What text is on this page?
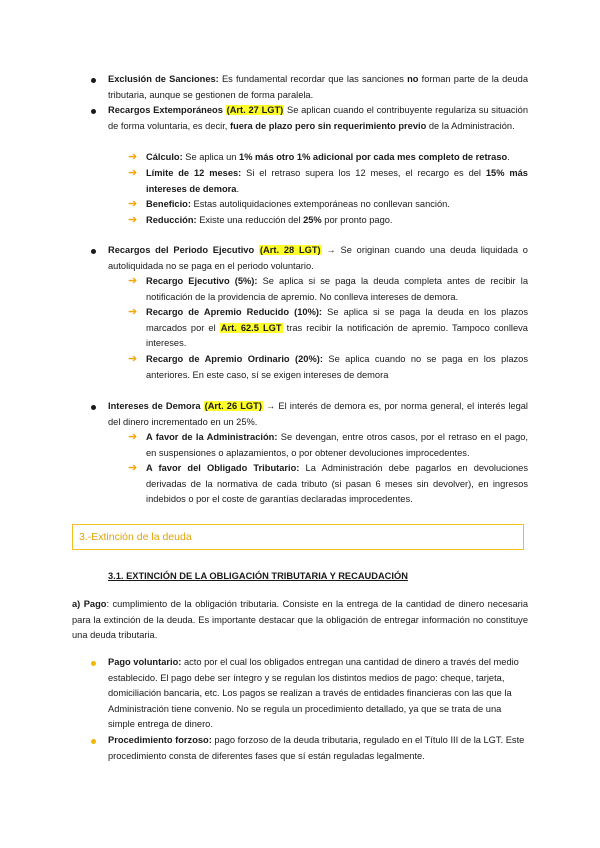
Exclusión de Sanciones: Es fundamental recordar que las sanciones no forman parte de la deuda tributaria, aunque se gestionen de forma paralela.
Recargos Extemporáneos (Art. 27 LGT) Se aplican cuando el contribuyente regulariza su situación de forma voluntaria, es decir, fuera de plazo pero sin requerimiento previo de la Administración.
➔ Cálculo: Se aplica un 1% más otro 1% adicional por cada mes completo de retraso.
➔ Límite de 12 meses: Si el retraso supera los 12 meses, el recargo es del 15% más intereses de demora.
➔ Beneficio: Estas autoliquidaciones extemporáneas no conllevan sanción.
➔ Reducción: Existe una reducción del 25% por pronto pago.
Recargos del Periodo Ejecutivo (Art. 28 LGT) → Se originan cuando una deuda liquidada o autoliquidada no se paga en el periodo voluntario.
➔ Recargo Ejecutivo (5%): Se aplica si se paga la deuda completa antes de recibir la notificación de la providencia de apremio. No conlleva intereses de demora.
➔ Recargo de Apremio Reducido (10%): Se aplica si se paga la deuda en los plazos marcados por el Art. 62.5 LGT tras recibir la notificación de apremio. Tampoco conlleva intereses.
➔ Recargo de Apremio Ordinario (20%): Se aplica cuando no se paga en los plazos anteriores. En este caso, sí se exigen intereses de demora
Intereses de Demora (Art. 26 LGT) → El interés de demora es, por norma general, el interés legal del dinero incrementado en un 25%.
➔ A favor de la Administración: Se devengan, entre otros casos, por el retraso en el pago, en suspensiones o aplazamientos, o por obtener devoluciones improcedentes.
➔ A favor del Obligado Tributario: La Administración debe pagarlos en devoluciones derivadas de la normativa de cada tributo (si pasan 6 meses sin devolver), en ingresos indebidos o por el coste de garantías declaradas improcedentes.
3.-Extinción de la deuda
3.1. EXTINCIÓN DE LA OBLIGACIÓN TRIBUTARIA Y RECAUDACIÓN
a) Pago: cumplimiento de la obligación tributaria. Consiste en la entrega de la cantidad de dinero necesaria para la extinción de la deuda. Es importante destacar que la obligación de entregar información no constituye una deuda tributaria.
Pago voluntario: acto por el cual los obligados entregan una cantidad de dinero a través del medio establecido. El pago debe ser íntegro y se regulan los distintos medios de pago: cheque, tarjeta, domiciliación bancaria, etc. Los pagos se realizan a través de entidades financieras con las que la Administración tiene convenio. No se regula un procedimiento detallado, ya que se trata de una simple entrega de dinero.
Procedimiento forzoso: pago forzoso de la deuda tributaria, regulado en el Título III de la LGT. Este procedimiento consta de diferentes fases que sí están reguladas legalmente.
